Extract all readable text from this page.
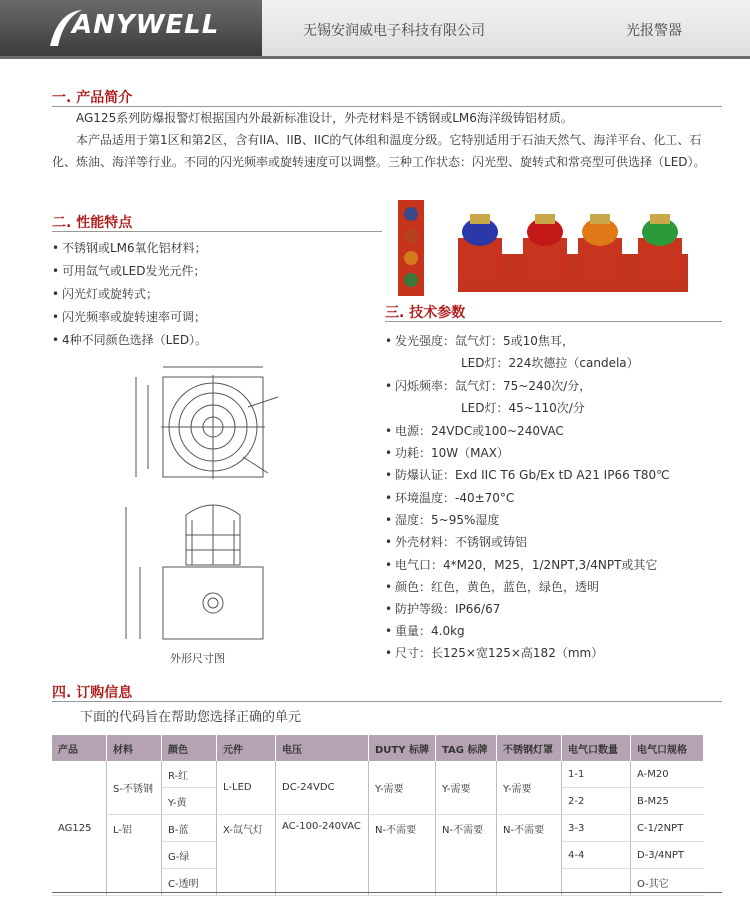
ANYWELL	无锡安润威电子科技有限公司	光报警器
一. 产品简介
AG125系列防爆报警灯根据国内外最新标准设计，外壳材料是不锈钢或LM6海洋级铸铝材质。
本产品适用于第1区和第2区，含有IIA、IIB、IIC的气体组和温度分级。它特别适用于石油天然气、海洋平台、化工、石化、炼油、海洋等行业。不同的闪光频率或旋转速度可以调整。三种工作状态：闪光型、旋转式和常亮型可供选择（LED）。
二. 性能特点
• 不锈钢或LM6氧化铝材料；
• 可用氙气或LED发光元件；
• 闪光灯或旋转式；
• 闪光频率或旋转速率可调；
• 4种不同颜色选择（LED）。
外形尺寸图
三. 技术参数
• 发光强度：氙气灯：5或10焦耳，
LED灯：224坎德拉（candela）
• 闪烁频率：氙气灯：75~240次/分，
LED灯：45~110次/分
• 电源：24VDC或100~240VAC
• 功耗：10W（MAX）
• 防爆认证：Exd IIC T6 Gb/Ex tD A21 IP66 T80℃
• 环境温度：-40±70°C
• 湿度：5~95%湿度
• 外壳材料：不锈钢或铸铝
• 电气口：4*M20，M25，1/2NPT,3/4NPT或其它
• 颜色：红色，黄色，蓝色，绿色，透明
• 防护等级：IP66/67
• 重量：4.0kg
• 尺寸：长125×宽125×高182（mm）
四. 订购信息
下面的代码旨在帮助您选择正确的单元
产品	材料	颜色	元件	电压	DUTY 标牌	TAG 标牌	不锈钢灯罩	电气口数量	电气口规格
AG125	S-不锈钢	R-红	L-LED	DC-24VDC	Y-需要	Y-需要	Y-需要	1-1	A-M20
		Y-黄						2-2	B-M25
	L-铝	B-蓝	X-氙气灯	AC-100-240VAC	N-不需要	N-不需要	N-不需要	3-3	C-1/2NPT
		G-绿						4-4	D-3/4NPT
		C-透明							O-其它
